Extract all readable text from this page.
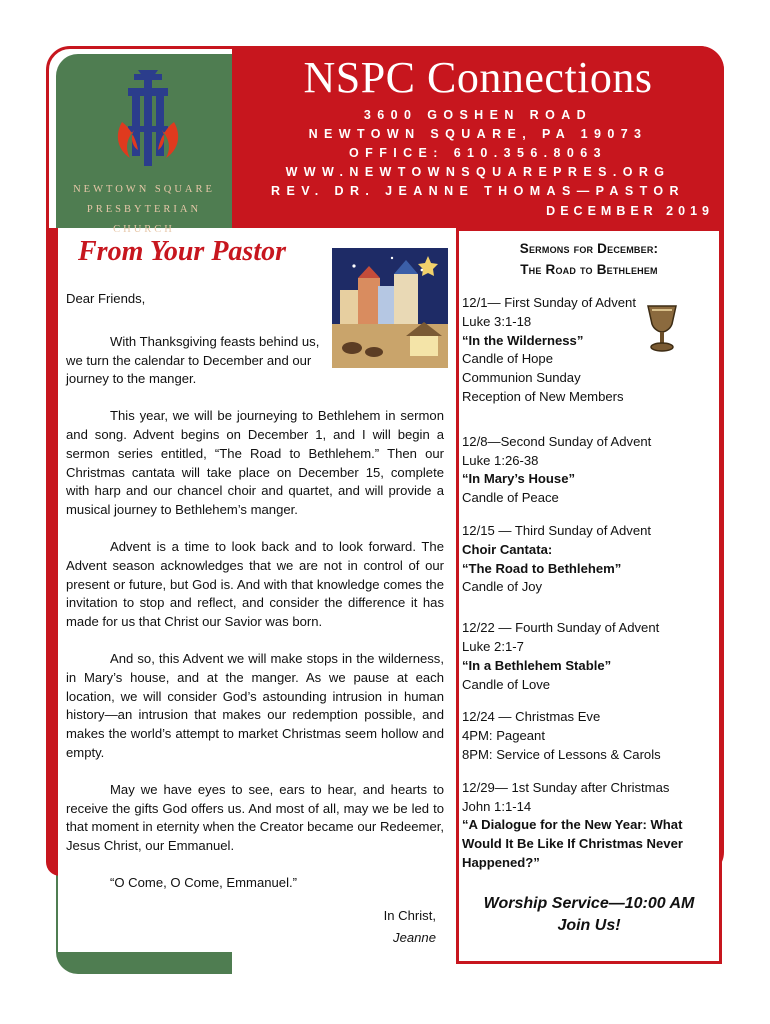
NEWTOWN SQUARE
PRESBYTERIAN CHURCH
NSPC Connections
3600 GOSHEN ROAD
NEWTOWN SQUARE, PA 19073
OFFICE: 610.356.8063
WWW.NEWTOWNSQUAREPRES.ORG
REV. DR. JEANNE THOMAS—PASTOR
DECEMBER 2019
From Your Pastor

Dear Friends,

With Thanksgiving feasts behind us, we turn the calendar to December and our journey to the manger.

This year, we will be journeying to Bethlehem in sermon and song. Advent begins on December 1, and I will begin a sermon series entitled, “The Road to Bethlehem.” Then our Christmas cantata will take place on December 15, complete with harp and our chancel choir and quartet, and will provide a musical journey to Bethlehem’s manger.

Advent is a time to look back and to look forward. The Advent season acknowledges that we are not in control of our present or future, but God is. And with that knowledge comes the invitation to stop and reflect, and consider the difference it has made for us that Christ our Savior was born.

And so, this Advent we will make stops in the wilderness, in Mary’s house, and at the manger. As we pause at each location, we will consider God’s astounding intrusion in human history—an intrusion that makes our redemption possible, and makes the world’s attempt to market Christmas seem hollow and empty.

May we have eyes to see, ears to hear, and hearts to receive the gifts God offers us. And most of all, may we be led to that moment in eternity when the Creator became our Redeemer, Jesus Christ, our Emmanuel.

“O Come, O Come, Emmanuel.”

In Christ,
Jeanne
Sermons for December:
The Road to Bethlehem
12/1— First Sunday of Advent
Luke 3:1-18
“In the Wilderness”
Candle of Hope
Communion Sunday
Reception of New Members
12/8—Second Sunday of Advent
Luke 1:26-38
“In Mary’s House”
Candle of Peace
12/15 — Third Sunday of Advent
Choir Cantata:
“The Road to Bethlehem”
Candle of Joy
12/22 — Fourth Sunday of Advent
Luke 2:1-7
“In a Bethlehem Stable”
Candle of Love
12/24 — Christmas Eve
4PM: Pageant
8PM: Service of Lessons & Carols
12/29— 1st Sunday after Christmas
John 1:1-14
“A Dialogue for the New Year: What Would It Be Like If Christmas Never Happened?”
Worship Service—10:00 AM
Join Us!
